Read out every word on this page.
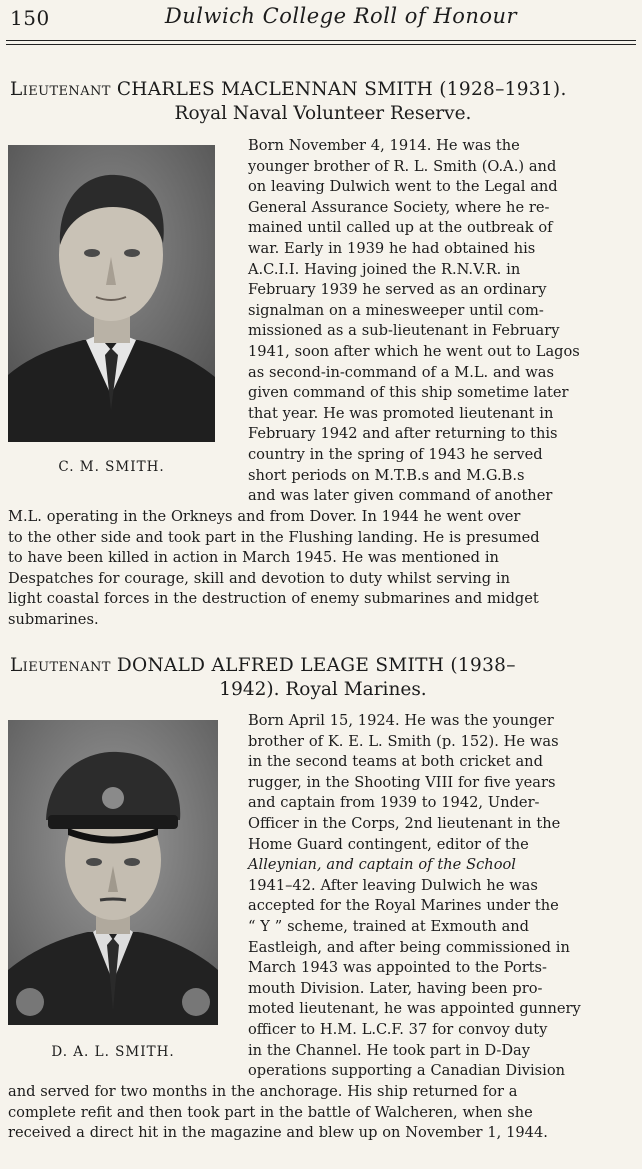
150	Dulwich College Roll of Honour
Lieutenant CHARLES MACLENNAN SMITH (1928–1931).
Royal Naval Volunteer Reserve.
C. M. SMITH.
Born November 4, 1914. He was the
younger brother of R. L. Smith (O.A.) and
on leaving Dulwich went to the Legal and
General Assurance Society, where he re-
mained until called up at the outbreak of
war. Early in 1939 he had obtained his
A.C.I.I. Having joined the R.N.V.R. in
February 1939 he served as an ordinary
signalman on a minesweeper until com-
missioned as a sub-lieutenant in February
1941, soon after which he went out to Lagos
as second-in-command of a M.L. and was
given command of this ship sometime later
that year. He was promoted lieutenant in
February 1942 and after returning to this
country in the spring of 1943 he served
short periods on M.T.B.s and M.G.B.s
and was later given command of another
M.L. operating in the Orkneys and from Dover. In 1944 he went over
to the other side and took part in the Flushing landing. He is presumed
to have been killed in action in March 1945. He was mentioned in
Despatches for courage, skill and devotion to duty whilst serving in
light coastal forces in the destruction of enemy submarines and midget
submarines.
Lieutenant DONALD ALFRED LEAGE SMITH (1938–
1942). Royal Marines.
D. A. L. SMITH.
Born April 15, 1924. He was the younger
brother of K. E. L. Smith (p. 152). He was
in the second teams at both cricket and
rugger, in the Shooting VIII for five years
and captain from 1939 to 1942, Under-
Officer in the Corps, 2nd lieutenant in the
Home Guard contingent, editor of the
Alleynian, and captain of the School
1941–42. After leaving Dulwich he was
accepted for the Royal Marines under the
“ Y ” scheme, trained at Exmouth and
Eastleigh, and after being commissioned in
March 1943 was appointed to the Ports-
mouth Division. Later, having been pro-
moted lieutenant, he was appointed gunnery
officer to H.M. L.C.F. 37 for convoy duty
in the Channel. He took part in D-Day
operations supporting a Canadian Division
and served for two months in the anchorage. His ship returned for a
complete refit and then took part in the battle of Walcheren, when she
received a direct hit in the magazine and blew up on November 1, 1944.
